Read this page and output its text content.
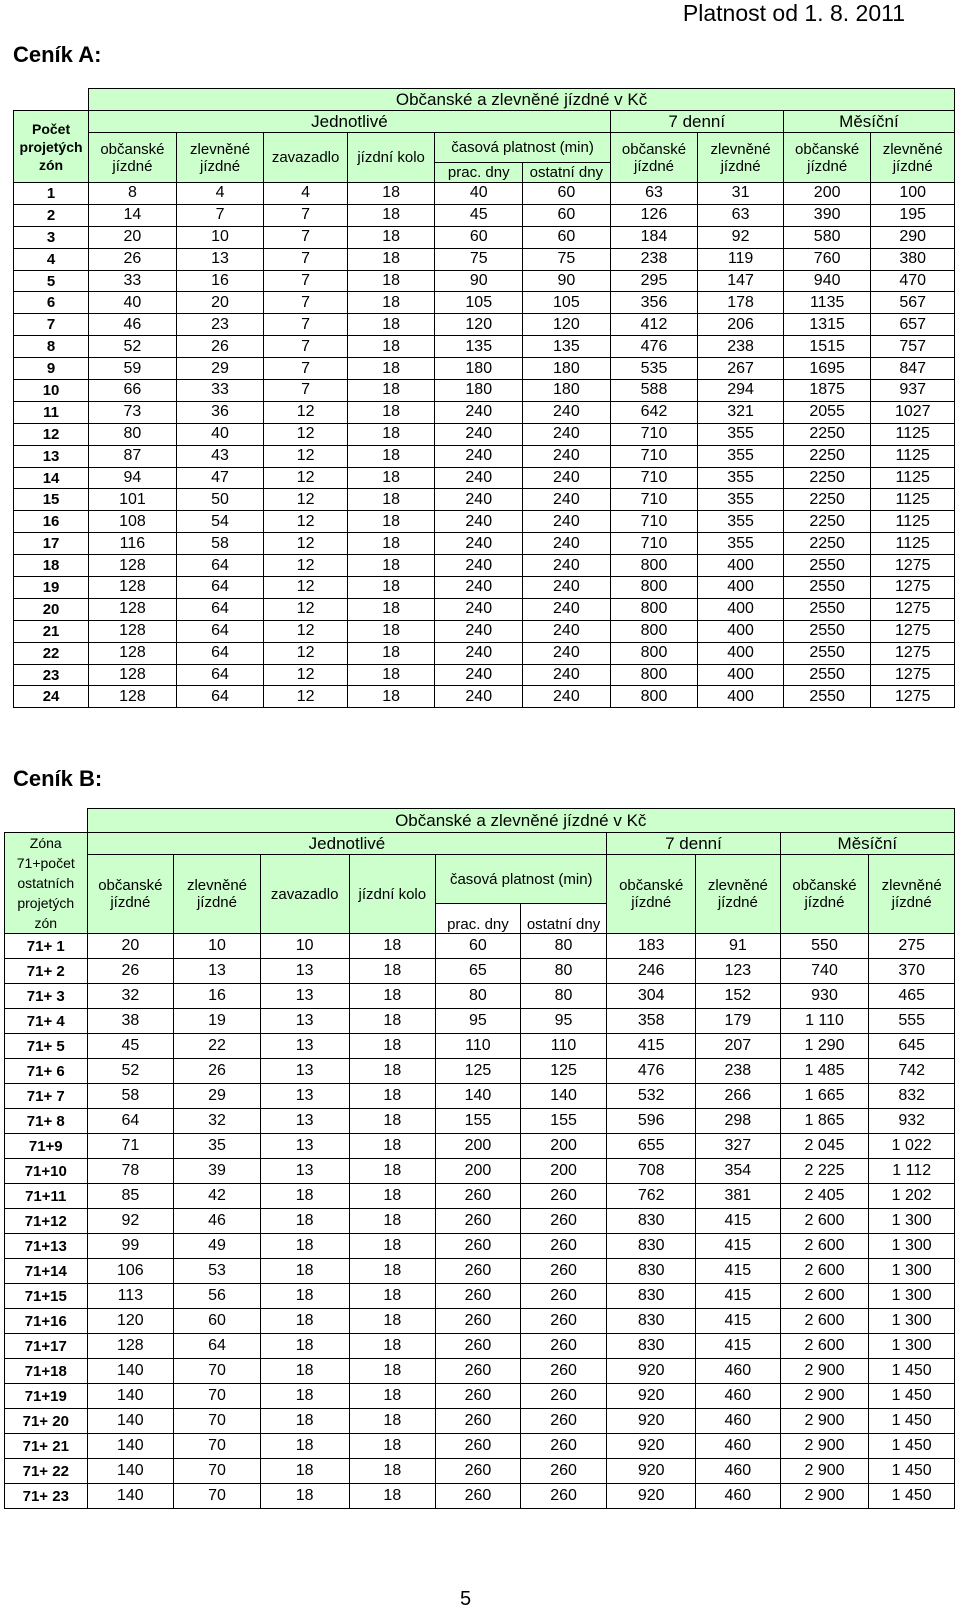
Platnost od 1. 8. 2011
Ceník A:
	Občanské a zlevněné jízdné v Kč									
Počet projetých zón	Jednotlivé						7 denní		Měsíční	
	občanské jízdné	zlevněné jízdné	zavazadlo	jízdní kolo	časová platnost (min)		občanské jízdné	zlevněné jízdné	občanské jízdné	zlevněné jízdné
					prac. dny	ostatní dny				
1	8	4	4	18	40	60	63	31	200	100
2	14	7	7	18	45	60	126	63	390	195
3	20	10	7	18	60	60	184	92	580	290
4	26	13	7	18	75	75	238	119	760	380
5	33	16	7	18	90	90	295	147	940	470
6	40	20	7	18	105	105	356	178	1135	567
7	46	23	7	18	120	120	412	206	1315	657
8	52	26	7	18	135	135	476	238	1515	757
9	59	29	7	18	180	180	535	267	1695	847
10	66	33	7	18	180	180	588	294	1875	937
11	73	36	12	18	240	240	642	321	2055	1027
12	80	40	12	18	240	240	710	355	2250	1125
13	87	43	12	18	240	240	710	355	2250	1125
14	94	47	12	18	240	240	710	355	2250	1125
15	101	50	12	18	240	240	710	355	2250	1125
16	108	54	12	18	240	240	710	355	2250	1125
17	116	58	12	18	240	240	710	355	2250	1125
18	128	64	12	18	240	240	800	400	2550	1275
19	128	64	12	18	240	240	800	400	2550	1275
20	128	64	12	18	240	240	800	400	2550	1275
21	128	64	12	18	240	240	800	400	2550	1275
22	128	64	12	18	240	240	800	400	2550	1275
23	128	64	12	18	240	240	800	400	2550	1275
24	128	64	12	18	240	240	800	400	2550	1275
Ceník B:
	Občanské a zlevněné jízdné v Kč									
Zóna 71+počet ostatních projetých zón	Jednotlivé						7 denní		Měsíční	
	občanské jízdné	zlevněné jízdné	zavazadlo	jízdní kolo	časová platnost (min)		občanské jízdné	zlevněné jízdné	občanské jízdné	zlevněné jízdné
					prac. dny	ostatní dny				
71+ 1	20	10	10	18	60	80	183	91	550	275
71+ 2	26	13	13	18	65	80	246	123	740	370
71+ 3	32	16	13	18	80	80	304	152	930	465
71+ 4	38	19	13	18	95	95	358	179	1 110	555
71+ 5	45	22	13	18	110	110	415	207	1 290	645
71+ 6	52	26	13	18	125	125	476	238	1 485	742
71+ 7	58	29	13	18	140	140	532	266	1 665	832
71+ 8	64	32	13	18	155	155	596	298	1 865	932
71+9	71	35	13	18	200	200	655	327	2 045	1 022
71+10	78	39	13	18	200	200	708	354	2 225	1 112
71+11	85	42	18	18	260	260	762	381	2 405	1 202
71+12	92	46	18	18	260	260	830	415	2 600	1 300
71+13	99	49	18	18	260	260	830	415	2 600	1 300
71+14	106	53	18	18	260	260	830	415	2 600	1 300
71+15	113	56	18	18	260	260	830	415	2 600	1 300
71+16	120	60	18	18	260	260	830	415	2 600	1 300
71+17	128	64	18	18	260	260	830	415	2 600	1 300
71+18	140	70	18	18	260	260	920	460	2 900	1 450
71+19	140	70	18	18	260	260	920	460	2 900	1 450
71+ 20	140	70	18	18	260	260	920	460	2 900	1 450
71+ 21	140	70	18	18	260	260	920	460	2 900	1 450
71+ 22	140	70	18	18	260	260	920	460	2 900	1 450
71+ 23	140	70	18	18	260	260	920	460	2 900	1 450
5
